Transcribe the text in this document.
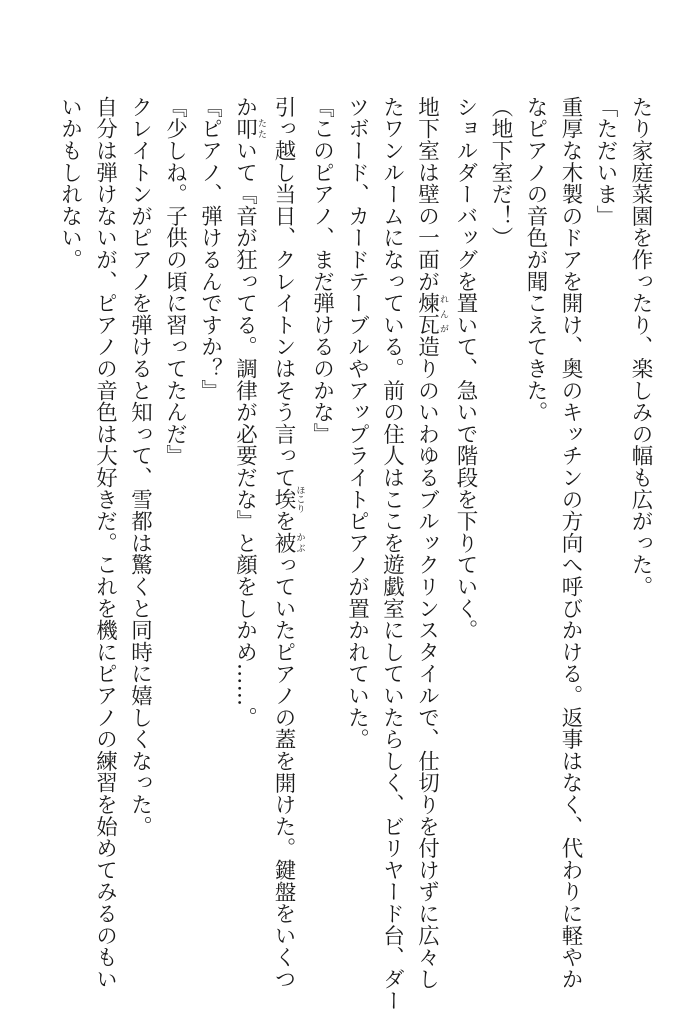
たり家庭菜園を作ったり、楽しみの幅も広がった。

「ただいま」

重厚な木製のドアを開け、奥のキッチンの方向へ呼びかける。返事はなく、代わりに軽やか

なピアノの音色が聞こえてきた。

（地下室だ！）

ショルダーバッグを置いて、急いで階段を下りていく。

地下室は壁の一面が煉瓦れんが造りのいわゆるブルックリンスタイルで、仕切りを付けずに広々し

たワンルームになっている。前の住人はここを遊戯室にしていたらしく、ビリヤード台、ダー

ツボード、カードテーブルやアップライトピアノが置かれていた。

『このピアノ、まだ弾けるのかな』

引っ越し当日、クレイトンはそう言って埃ほこりを被かぶっていたピアノの蓋を開けた。鍵盤をいくつ

か叩たたいて『音が狂ってる。調律が必要だな』と顔をしかめ……。

『ピアノ、弾けるんですか？』

『少しね。子供の頃に習ってたんだ』

クレイトンがピアノを弾けると知って、雪都は驚くと同時に嬉しくなった。

自分は弾けないが、ピアノの音色は大好きだ。これを機にピアノの練習を始めてみるのもい

いかもしれない。
